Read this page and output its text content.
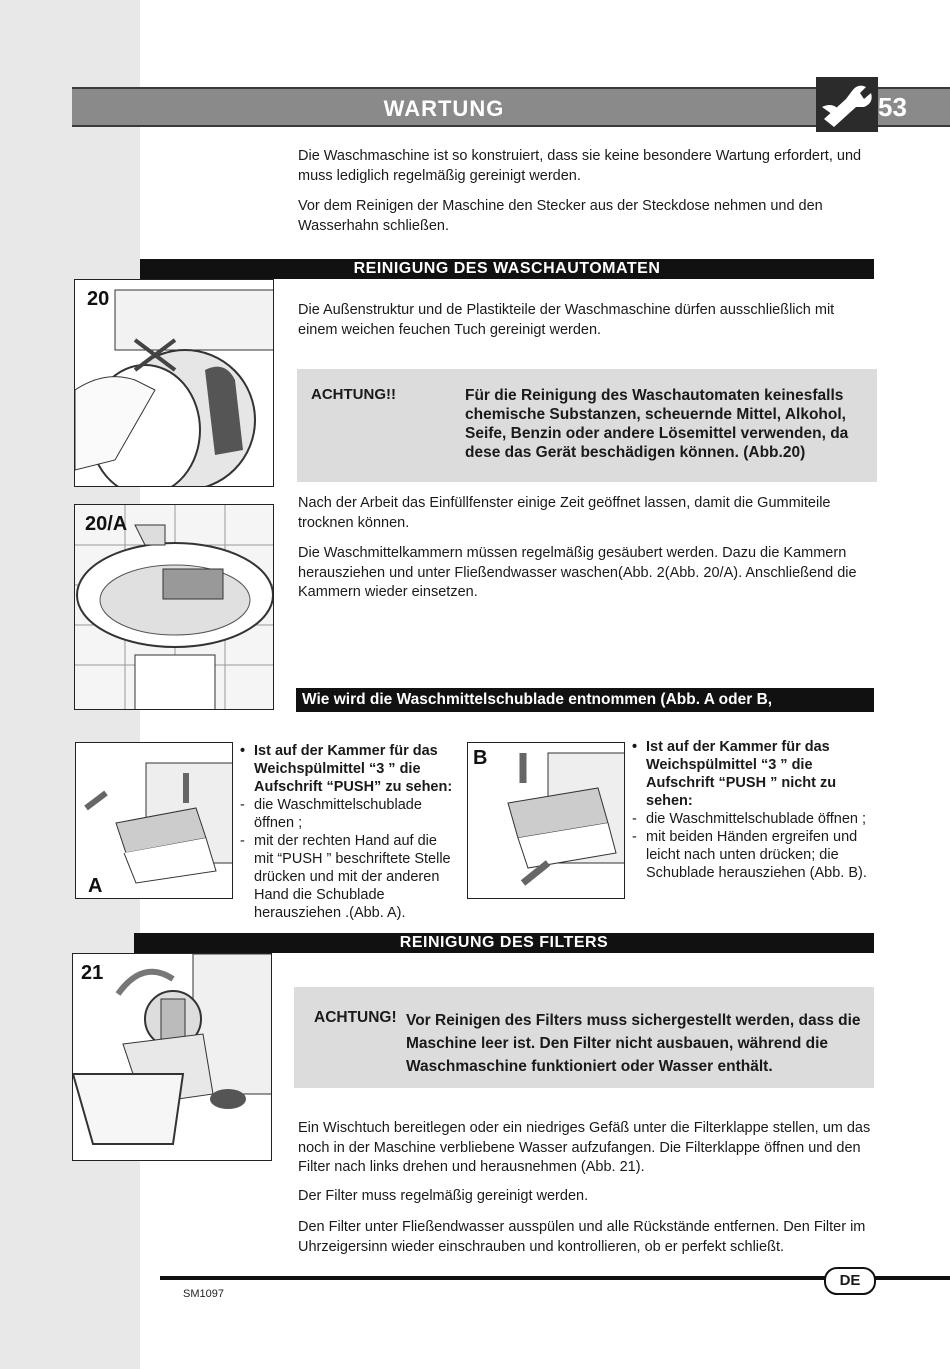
WARTUNG	53
Die Waschmaschine ist so konstruiert, dass sie keine besondere Wartung erfordert, und muss lediglich regelmäßig gereinigt werden.
Vor dem Reinigen der Maschine den Stecker aus der Steckdose nehmen und den Wasserhahn schließen.
REINIGUNG DES WASCHAUTOMATEN
20	Die Außenstruktur und de Plastikteile der Waschmaschine dürfen ausschließlich mit einem weichen feuchen Tuch gereinigt werden.
ACHTUNG!!	Für die Reinigung des Waschautomaten keinesfalls chemische Substanzen, scheuernde Mittel, Alkohol, Seife, Benzin oder andere Lösemittel verwenden, da dese das Gerät beschädigen können. (Abb.20)
20/A
Nach der Arbeit das Einfüllfenster einige Zeit geöffnet lassen, damit die Gummiteile trocknen können.
Die Waschmittelkammern müssen regelmäßig gesäubert werden. Dazu die Kammern herausziehen und unter Fließendwasser waschen(Abb. 2(Abb. 20/A). Anschließend die Kammern wieder einsetzen.
Wie wird die Waschmittelschublade entnommen (Abb. A oder B, modellabhängig)
A
• Ist auf der Kammer für das Weichspülmittel “3 ” die Aufschrift “PUSH” zu sehen:
- die Waschmittelschublade öffnen ;
- mit der rechten Hand auf die mit “PUSH ” beschriftete Stelle drücken und mit der anderen Hand die Schublade herausziehen .(Abb. A).
B	• Ist auf der Kammer für das Weichspülmittel “3 ” die Aufschrift “PUSH ” nicht zu sehen:
- die Waschmittelschublade öffnen ;
- mit beiden Händen ergreifen und leicht nach unten drücken; die Schublade herausziehen (Abb. B).
REINIGUNG DES FILTERS
21
ACHTUNG! Vor Reinigen des Filters muss sichergestellt werden, dass die Maschine leer ist. Den Filter nicht ausbauen, während die Waschmaschine funktioniert oder Wasser enthält.
Ein Wischtuch bereitlegen oder ein niedriges Gefäß unter die Filterklappe stellen, um das noch in der Maschine verbliebene Wasser aufzufangen. Die Filterklappe öffnen und den Filter nach links drehen und herausnehmen (Abb. 21).
Der Filter muss regelmäßig gereinigt werden.
Den Filter unter Fließendwasser ausspülen und alle Rückstände entfernen. Den Filter im Uhrzeigersinn wieder einschrauben und kontrollieren, ob er perfekt schließt.
DE
SM1097
